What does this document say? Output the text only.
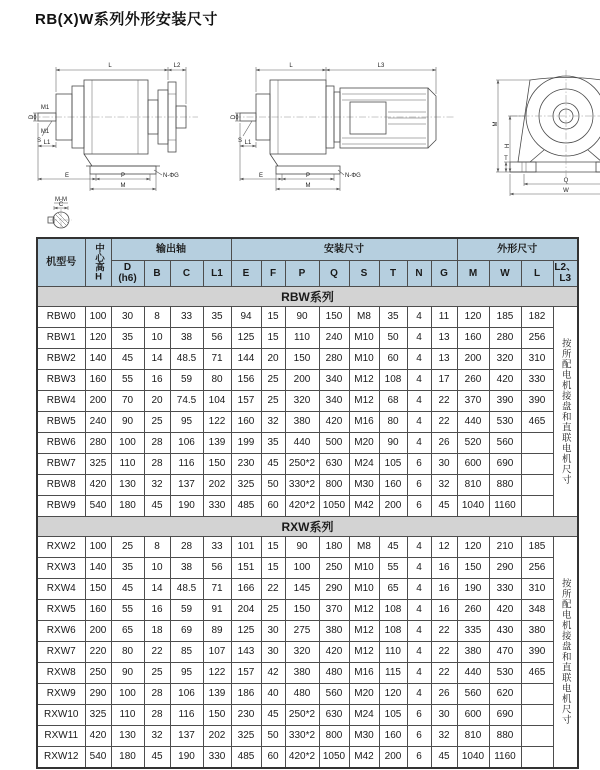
RB(X)W系列外形安装尺寸
L	L2
D
M1
M1
S L1
E	P
M
N-ΦG
M-M
C
L	L3
D
S L1
E	P
M
N-ΦG
M
H
T
Q
W
机型号	中心高H	输出轴				安装尺寸								外形尺寸			

		D
(h6)	B	C	L1	E	F	P	Q	S	T	N	G	M	W	L	L2、L3
RBW系列																	
RBW0	100	30	8	33	35	94	15	90	150	M8	35	4	11	120	185	182	按所配电机接盘和直联电机尺寸

RBW1	120	35	10	38	56	125	15	110	240	M10	50	4	13	160	280	256	
RBW2	140	45	14	48.5	71	144	20	150	280	M10	60	4	13	200	320	310	
RBW3	160	55	16	59	80	156	25	200	340	M12	108	4	17	260	420	330	
RBW4	200	70	20	74.5	104	157	25	320	340	M12	68	4	22	370	390	390	
RBW5	240	90	25	95	122	160	32	380	420	M16	80	4	22	440	530	465	
RBW6	280	100	28	106	139	199	35	440	500	M20	90	4	26	520	560		
RBW7	325	110	28	116	150	230	45	250*2	630	M24	105	6	30	600	690		
RBW8	420	130	32	137	202	325	50	330*2	800	M30	160	6	32	810	880		
RBW9	540	180	45	190	330	485	60	420*2	1050	M42	200	6	45	1040	1160		
RXW系列																	
RXW2	100	25	8	28	33	101	15	90	180	M8	45	4	12	120	210	185	按所配电机接盘和直联电机尺寸

RXW3	140	35	10	38	56	151	15	100	250	M10	55	4	16	150	290	256	
RXW4	150	45	14	48.5	71	166	22	145	290	M10	65	4	16	190	330	310	
RXW5	160	55	16	59	91	204	25	150	370	M12	108	4	16	260	420	348	
RXW6	200	65	18	69	89	125	30	275	380	M12	108	4	22	335	430	380	
RXW7	220	80	22	85	107	143	30	320	420	M12	110	4	22	380	470	390	
RXW8	250	90	25	95	122	157	42	380	480	M16	115	4	22	440	530	465	
RXW9	290	100	28	106	139	186	40	480	560	M20	120	4	26	560	620		
RXW10	325	110	28	116	150	230	45	250*2	630	M24	105	6	30	600	690		
RXW11	420	130	32	137	202	325	50	330*2	800	M30	160	6	32	810	880		
RXW12	540	180	45	190	330	485	60	420*2	1050	M42	200	6	45	1040	1160		
